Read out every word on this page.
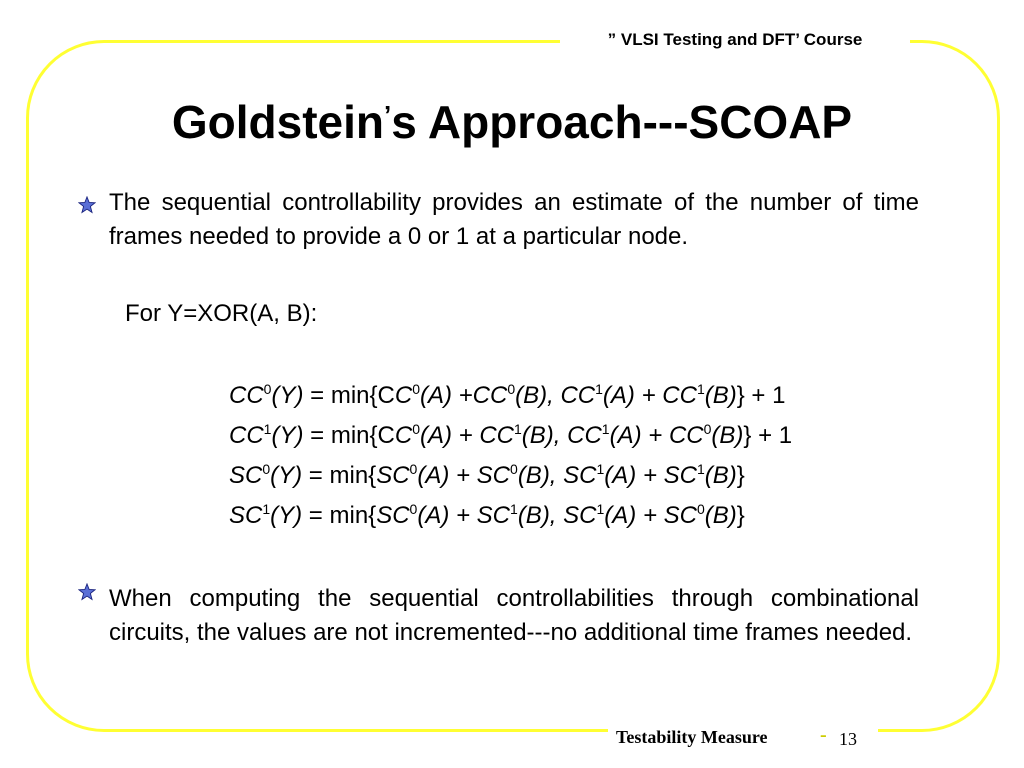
” VLSI Testing and DFT’ Course
Goldstein’s Approach---SCOAP

The sequential controllability provides an estimate of the number of time frames needed to provide a 0 or 1 at a particular node.

For Y=XOR(A, B):

$CC^0(Y) = \min\{CC^0(A) +CC^0(B)$, $CC^1(A) + CC^1(B)\} + 1$

$CC^1(Y) = \min\{CC^0(A) + CC^1(B)$, $CC^1(A) + CC^0(B)\} + 1$

$SC^0(Y) = \min\{SC^0(A) + SC^0(B)$, $SC^1(A) + SC^1(B)$}

$SC^1(Y) = \min\{SC^0(A) + SC^1(B)$, $SC^1(A) + SC^0(B)$}

When computing the sequential controllabilities through combinational circuits, the values are not incremented---no additional time frames needed.

Testability Measure	- 13
